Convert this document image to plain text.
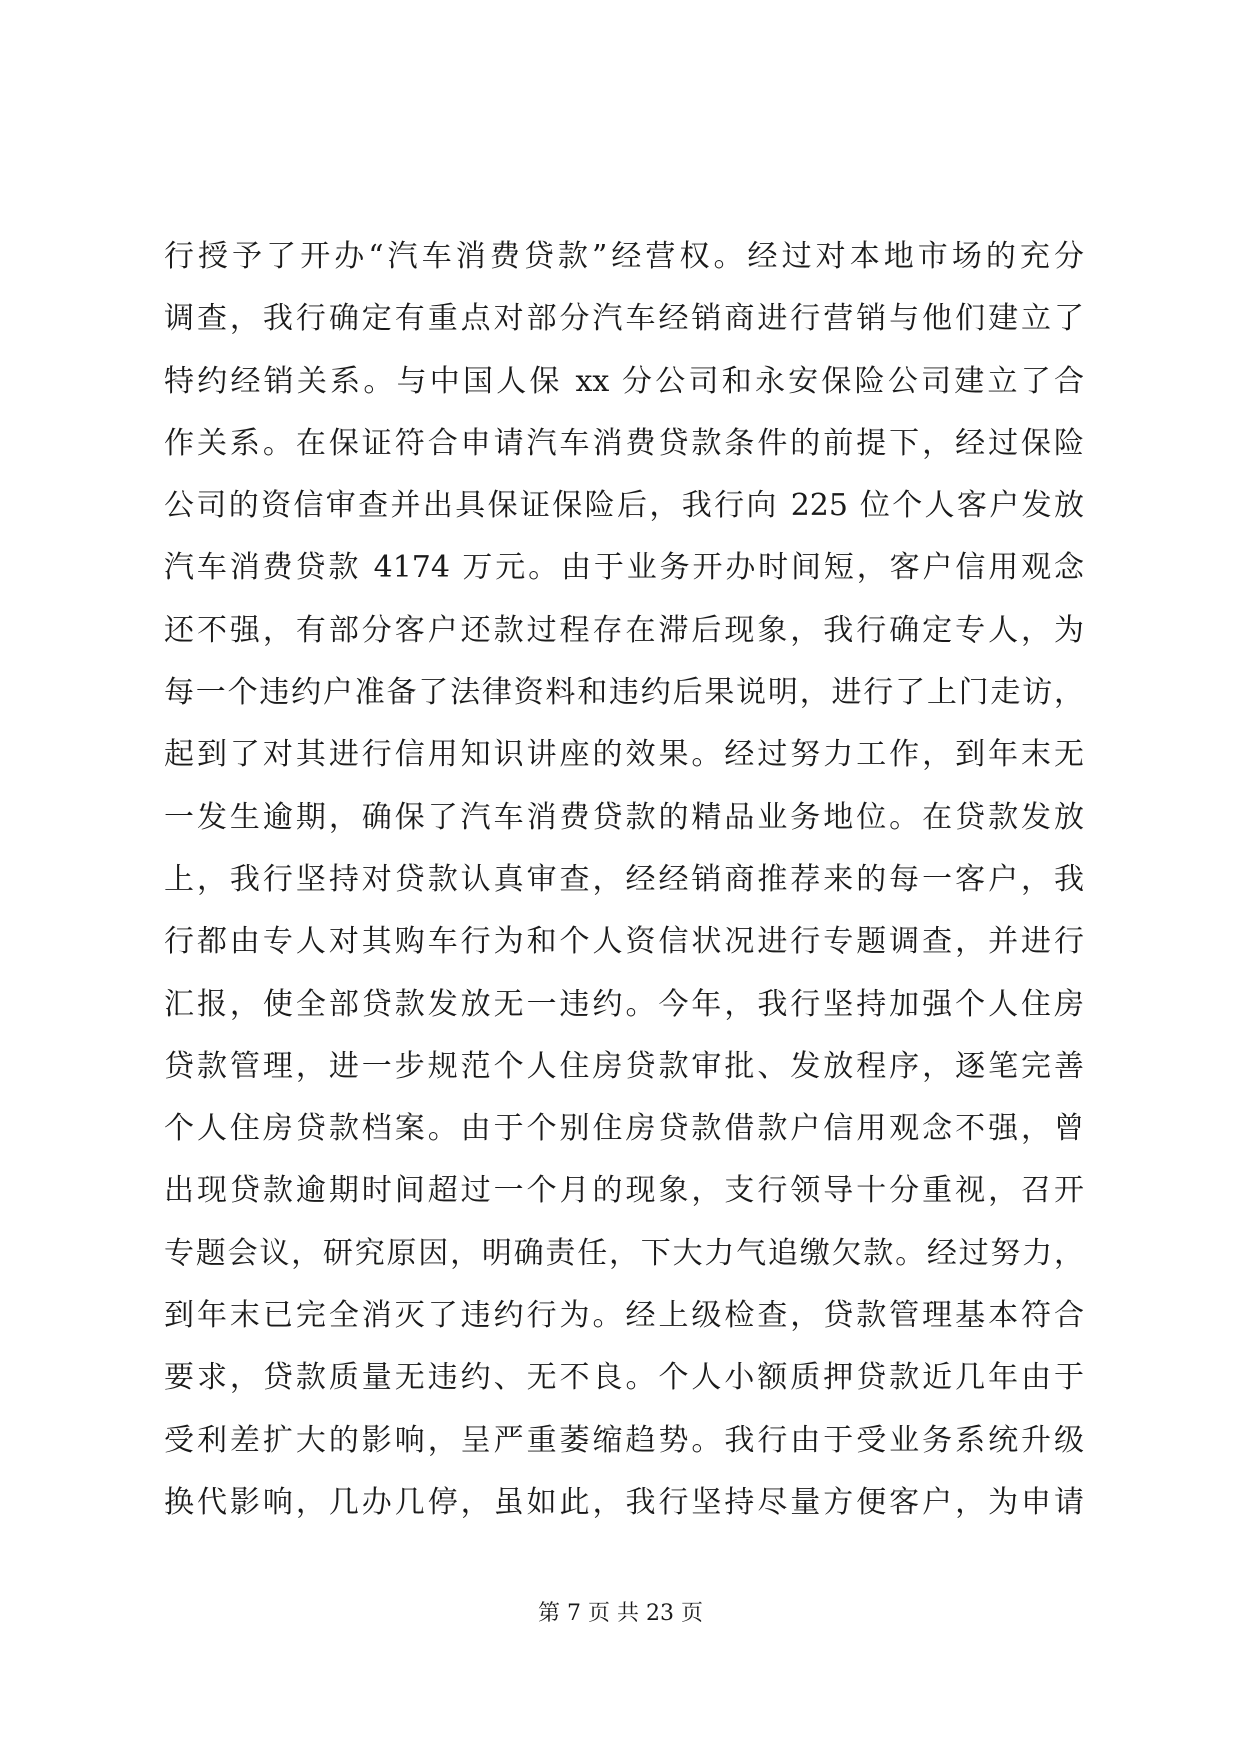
行授予了开办“汽车消费贷款”经营权。经过对本地市场的充分
调查，我行确定有重点对部分汽车经销商进行营销与他们建立了
特约经销关系。与中国人保 xx 分公司和永安保险公司建立了合
作关系。在保证符合申请汽车消费贷款条件的前提下，经过保险
公司的资信审查并出具保证保险后，我行向 225 位个人客户发放
汽车消费贷款 4174 万元。由于业务开办时间短，客户信用观念
还不强，有部分客户还款过程存在滞后现象，我行确定专人，为
每一个违约户准备了法律资料和违约后果说明，进行了上门走访，
起到了对其进行信用知识讲座的效果。经过努力工作，到年末无
一发生逾期，确保了汽车消费贷款的精品业务地位。在贷款发放
上，我行坚持对贷款认真审查，经经销商推荐来的每一客户，我
行都由专人对其购车行为和个人资信状况进行专题调查，并进行
汇报，使全部贷款发放无一违约。今年，我行坚持加强个人住房
贷款管理，进一步规范个人住房贷款审批、发放程序，逐笔完善
个人住房贷款档案。由于个别住房贷款借款户信用观念不强，曾
出现贷款逾期时间超过一个月的现象，支行领导十分重视，召开
专题会议，研究原因，明确责任，下大力气追缴欠款。经过努力，
到年末已完全消灭了违约行为。经上级检查，贷款管理基本符合
要求，贷款质量无违约、无不良。个人小额质押贷款近几年由于
受利差扩大的影响，呈严重萎缩趋势。我行由于受业务系统升级
换代影响，几办几停，虽如此，我行坚持尽量方便客户，为申请
第 7 页 共 23 页
